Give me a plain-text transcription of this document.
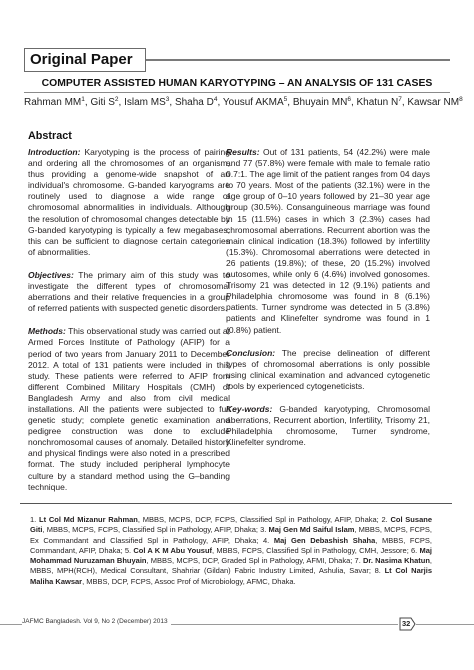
Original Paper
COMPUTER ASSISTED HUMAN KARYOTYPING – AN ANALYSIS OF 131 CASES
Rahman $MM^1$, Giti $S^2$, Islam $MS^3$, Shaha $D^4$, Yousuf AKMA$^5$, Bhuyain $MN^6$, Khatun $N^7$, Kawsar $NM^8$
Abstract

Introduction: Karyotyping is the process of pairing and ordering all the chromosomes of an organism, thus providing a genome-wide snapshot of an individual's chromosome. G-banded karyograms are routinely used to diagnose a wide range of chromosomal abnormalities in individuals. Although the resolution of chromosomal changes detectable by G-banded karyotyping is typically a few megabases, this can be sufficient to diagnose certain categories of abnormalities.

Objectives: The primary aim of this study was to investigate the different types of chromosomal aberrations and their relative frequencies in a group of referred patients with suspected genetic disorders.

Methods: This observational study was carried out at Armed Forces Institute of Pathology (AFIP) for a period of two years from January 2011 to December 2012. A total of 131 patients were included in this study. These patients were referred to AFIP from different Combined Military Hospitals (CMH) of Bangladesh Army and also from civil medical installations. All the patients were subjected to full genetic study; complete genetic examination and pedigree construction was done to exclude nonchromosomal causes of anomaly. Detailed history and physical findings were also noted in a prescribed format. The study included peripheral lymphocyte culture by a standard method using the G–banding technique.

Results: Out of 131 patients, 54 (42.2%) were male and 77 (57.8%) were female with male to female ratio 0.7:1. The age limit of the patient ranges from 04 days to 70 years. Most of the patients (32.1%) were in the age group of 0–10 years followed by 21–30 year age group (30.5%). Consanguineous marriage was found in 15 (11.5%) cases in which 3 (2.3%) cases had chromosomal aberrations. Recurrent abortion was the main clinical indication (18.3%) followed by infertility (15.3%). Chromosomal aberrations were detected in 26 patients (19.8%); of these, 20 (15.2%) involved autosomes, while only 6 (4.6%) involved gonosomes. Trisomy 21 was detected in 12 (9.1%) patients and Philadelphia chromosome was found in 8 (6.1%) patients. Turner syndrome was detected in 5 (3.8%) patients and Klinefelter syndrome was found in 1 (0.8%) patient.

Conclusion: The precise delineation of different types of chromosomal aberrations is only possible using clinical examination and advanced cytogenetic tools by experienced cytogeneticists.

Key-words: G-banded karyotyping, Chromosomal aberrations, Recurrent abortion, Infertility, Trisomy 21, Philadelphia chromosome, Turner syndrome, Klinefelter syndrome.

1. Lt Col Md Mizanur Rahman, MBBS, MCPS, DCP, FCPS, Classified Spl in Pathology, AFIP, Dhaka; 2. Col Susane Giti, MBBS, MCPS, FCPS, Classified Spl in Pathology, AFIP, Dhaka; 3. Maj Gen Md Saiful Islam, MBBS, MCPS, FCPS, Ex Commandant and Classified Spl in Pathology, AFIP, Dhaka; 4. Maj Gen Debashish Shaha, MBBS, FCPS, Commandant, AFIP, Dhaka; 5. Col A K M Abu Yousuf, MBBS, FCPS, Classified Spl in Pathology, CMH, Jessore; 6. Maj Mohammad Nuruzaman Bhuyain, MBBS, MCPS, DCP, Graded Spl in Pathology, AFMI, Dhaka; 7. Dr. Nasima Khatun, MBBS, MPH(RCH), Medical Consultant, Shahriar (Gildan) Fabric Industry Limited, Ashulia, Savar; 8. Lt Col Narjis Maliha Kawsar, MBBS, DCP, FCPS, Assoc Prof of Microbiology, AFMC, Dhaka.
JAFMC Bangladesh. Vol 9, No 2 (December) 2013	32
